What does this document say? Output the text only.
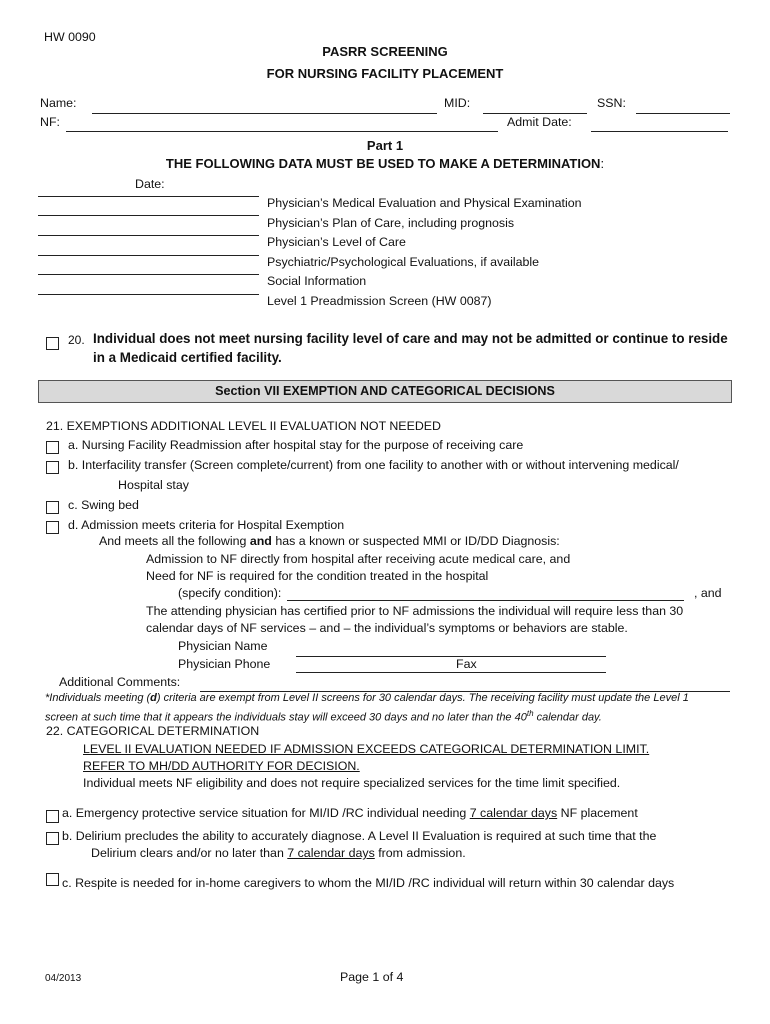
HW 0090
PASRR SCREENING
FOR NURSING FACILITY PLACEMENT
Name:	MID:	SSN:
NF:	Admit Date:
Part 1
THE FOLLOWING DATA MUST BE USED TO MAKE A DETERMINATION:
Date:
Physician’s Medical Evaluation and Physical Examination
Physician’s Plan of Care, including prognosis
Physician’s Level of Care
Psychiatric/Psychological Evaluations, if available
Social Information
Level 1 Preadmission Screen (HW 0087)
20. Individual does not meet nursing facility level of care and may not be admitted or continue to reside
in a Medicaid certified facility.
Section VII EXEMPTION AND CATEGORICAL DECISIONS
21. EXEMPTIONS ADDITIONAL LEVEL II EVALUATION NOT NEEDED
a. Nursing Facility Readmission after hospital stay for the purpose of receiving care
b. Interfacility transfer (Screen complete/current) from one facility to another with or without intervening medical/
Hospital stay
c. Swing bed
d. Admission meets criteria for Hospital Exemption
And meets all the following and has a known or suspected MMI or ID/DD Diagnosis:
Admission to NF directly from hospital after receiving acute medical care, and
Need for NF is required for the condition treated in the hospital
(specify condition):	, and
The attending physician has certified prior to NF admissions the individual will require less than 30
calendar days of NF services – and – the individual’s symptoms or behaviors are stable.
Physician Name
Physician Phone	Fax
Additional Comments:
*Individuals meeting (d) criteria are exempt from Level II screens for 30 calendar days. The receiving facility must update the Level 1
screen at such time that it appears the individuals stay will exceed 30 days and no later than the 40th calendar day.
22. CATEGORICAL DETERMINATION
LEVEL II EVALUATION NEEDED IF ADMISSION EXCEEDS CATEGORICAL DETERMINATION LIMIT.
REFER TO MH/DD AUTHORITY FOR DECISION.
Individual meets NF eligibility and does not require specialized services for the time limit specified.
a. Emergency protective service situation for MI/ID /RC individual needing 7 calendar days NF placement
b. Delirium precludes the ability to accurately diagnose. A Level II Evaluation is required at such time that the
Delirium clears and/or no later than 7 calendar days from admission.
c. Respite is needed for in-home caregivers to whom the MI/ID /RC individual will return within 30 calendar days
04/2013	Page 1 of 4
